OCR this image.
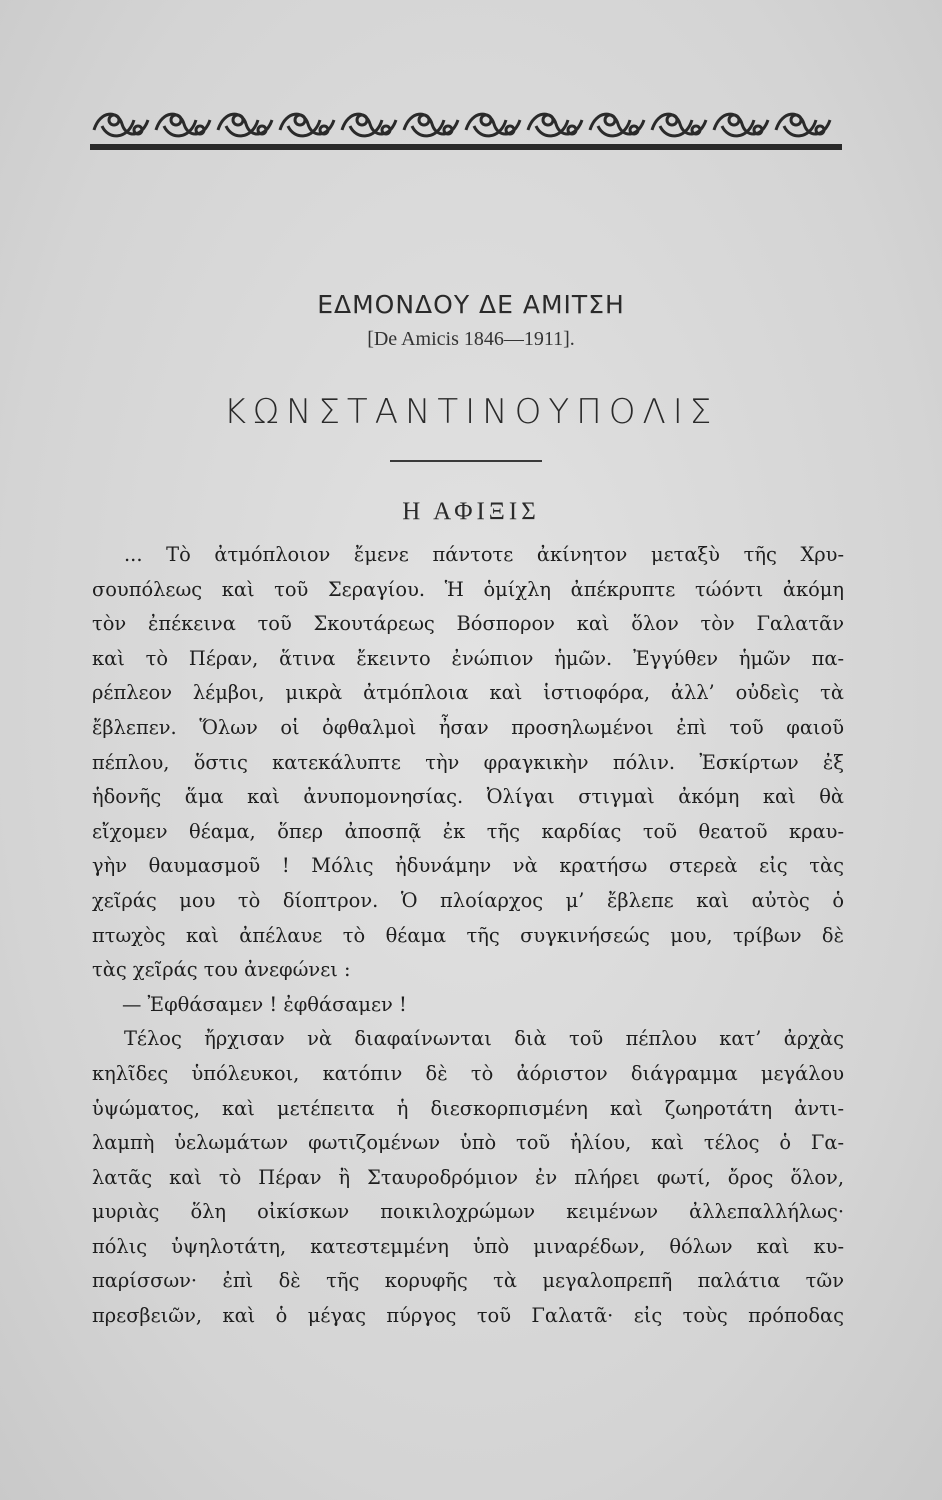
ΕΔΜΟΝΔΟΥ ΔΕ ΑΜΙΤΣΗ
[De Amicis 1846—1911].
ΚΩΝΣΤΑΝΤΙΝΟΥΠΟΛΙΣ
Η ΑΦΙΞΙΣ
... Τὸ ἀτμόπλοιον ἔμενε πάντοτε ἀκίνητον μεταξὺ τῆς Χρυ-
σουπόλεως καὶ τοῦ Σεραγίου. Ἡ ὁμίχλη ἀπέκρυπτε τώόντι ἀκόμη
τὸν ἐπέκεινα τοῦ Σκουτάρεως Βόσπορον καὶ ὅλον τὸν Γαλατᾶν
καὶ τὸ Πέραν, ἅτινα ἔκειντο ἐνώπιον ἡμῶν. Ἐγγύθεν ἡμῶν πα-
ρέπλεον λέμβοι, μικρὰ ἀτμόπλοια καὶ ἱστιοφόρα, ἀλλ’ οὐδεὶς τὰ
ἔβλεπεν. Ὅλων οἱ ὀφθαλμοὶ ἦσαν προσηλωμένοι ἐπὶ τοῦ φαιοῦ
πέπλου, ὅστις κατεκάλυπτε τὴν φραγκικὴν πόλιν. Ἐσκίρτων ἐξ
ἡδονῆς ἅμα καὶ ἀνυπομονησίας. Ὀλίγαι στιγμαὶ ἀκόμη καὶ θὰ
εἴχομεν θέαμα, ὅπερ ἀποσπᾷ ἐκ τῆς καρδίας τοῦ θεατοῦ κραυ-
γὴν θαυμασμοῦ ! Μόλις ἠδυνάμην νὰ κρατήσω στερεὰ εἰς τὰς
χεῖράς μου τὸ δίοπτρον. Ὁ πλοίαρχος μ’ ἔβλεπε καὶ αὐτὸς ὁ
πτωχὸς καὶ ἀπέλαυε τὸ θέαμα τῆς συγκινήσεώς μου, τρίβων δὲ
τὰς χεῖράς του ἀνεφώνει :
— Ἐφθάσαμεν ! ἐφθάσαμεν !
Τέλος ἤρχισαν νὰ διαφαίνωνται διὰ τοῦ πέπλου κατ’ ἀρχὰς
κηλῖδες ὑπόλευκοι, κατόπιν δὲ τὸ ἀόριστον διάγραμμα μεγάλου
ὑψώματος, καὶ μετέπειτα ἡ διεσκορπισμένη καὶ ζωηροτάτη ἀντι-
λαμπὴ ὑελωμάτων φωτιζομένων ὑπὸ τοῦ ἡλίου, καὶ τέλος ὁ Γα-
λατᾶς καὶ τὸ Πέραν ἢ Σταυροδρόμιον ἐν πλήρει φωτί, ὄρος ὅλον,
μυριὰς ὅλη οἰκίσκων ποικιλοχρώμων κειμένων ἀλλεπαλλήλως·
πόλις ὑψηλοτάτη, κατεστεμμένη ὑπὸ μιναρέδων, θόλων καὶ κυ-
παρίσσων· ἐπὶ δὲ τῆς κορυφῆς τὰ μεγαλοπρεπῆ παλάτια τῶν
πρεσβειῶν, καὶ ὁ μέγας πύργος τοῦ Γαλατᾶ· εἰς τοὺς πρόποδας
